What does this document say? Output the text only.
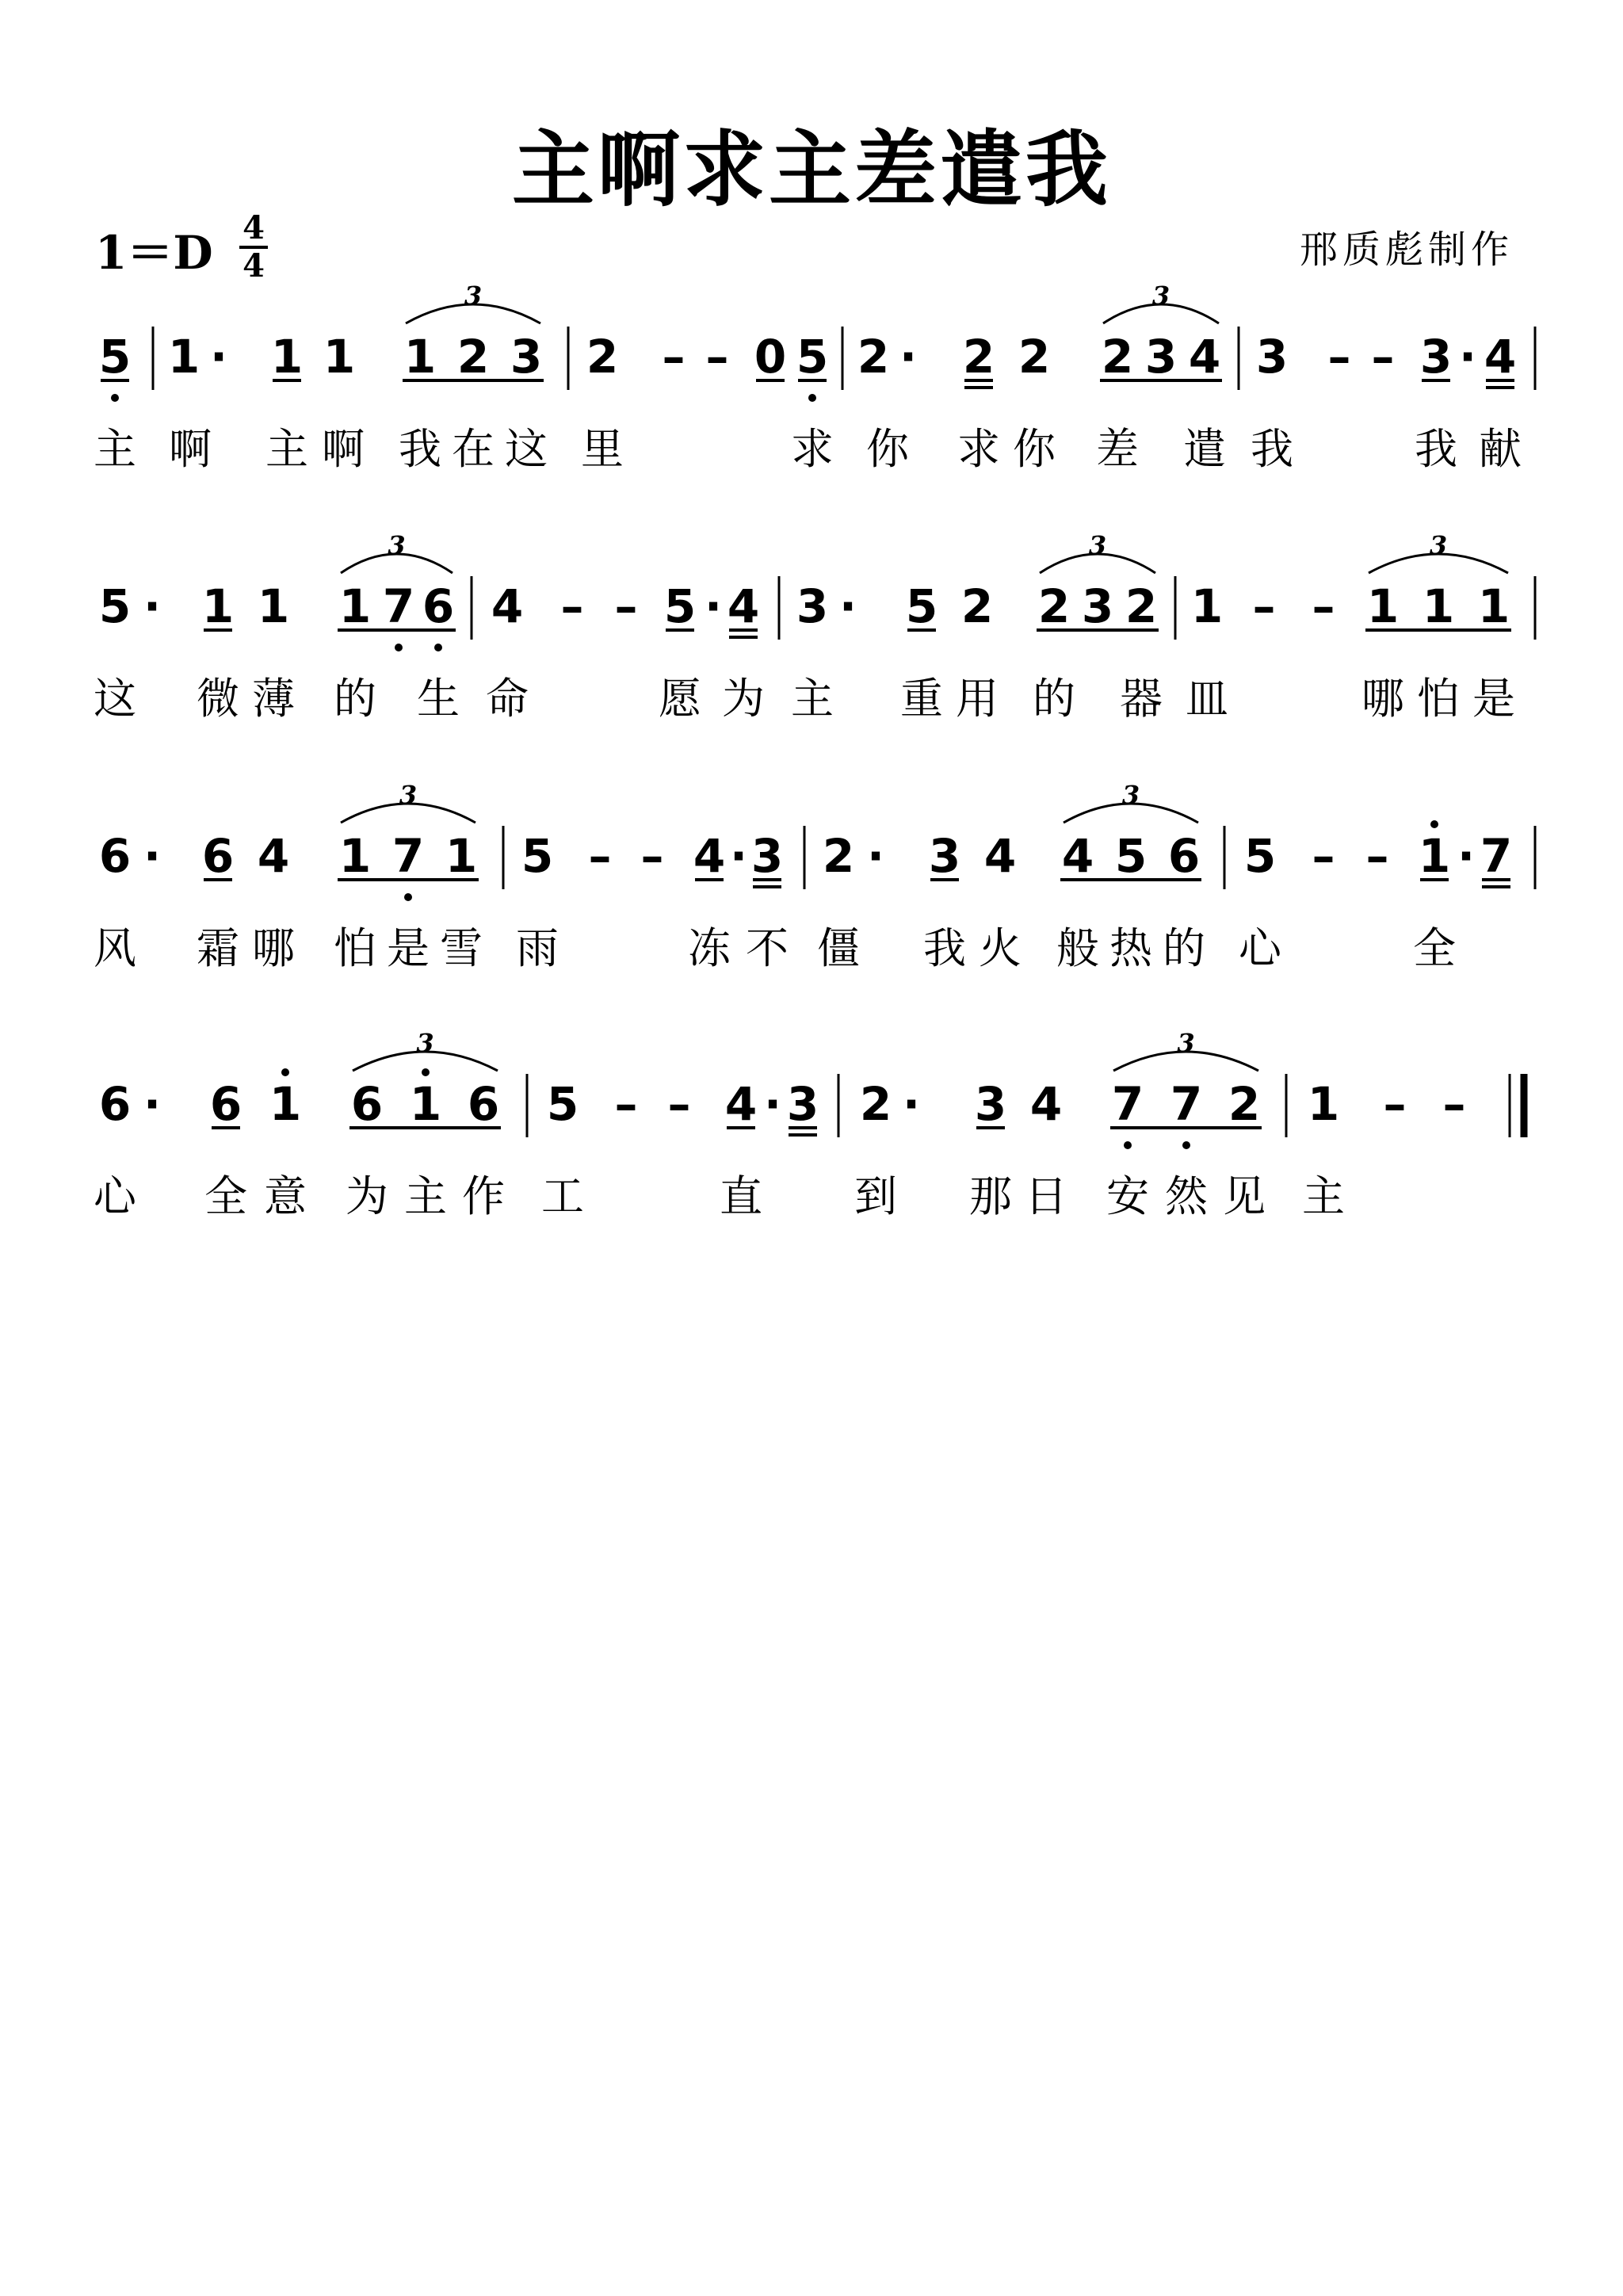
主啊求主差遣我
1＝D 4
4	邢质彪制作
5 1 · 1 1 1 2 3 2 – – 0 5 2 · 2 2 2 3 4 3 – – 3 · 4
3	3
主 啊 主 啊 我 在 这 里	求 你 求 你 差 遣 我	我 献
5 · 1 1 1 7 6 4 – – 5 · 4 3 · 5 2 2 3 2 1 – – 1 1 1
3	3	3
这 微 薄 的 生 命	愿 为 主 重 用 的 器 皿	哪 怕 是
6 · 6 4 1 7 1 5 – – 4 · 3 2 · 3 4 4 5 6 5 – – 1 · 7
3	3
风 霜 哪 怕 是 雪 雨	冻 不 僵 我 火 般 热 的 心	全
6 · 6 1 6 1 6 5 – – 4 · 3 2 · 3 4 7 7 2 1 – –
3	3
心 全 意 为 主 作 工	直 到 那 日 安 然 见 主
